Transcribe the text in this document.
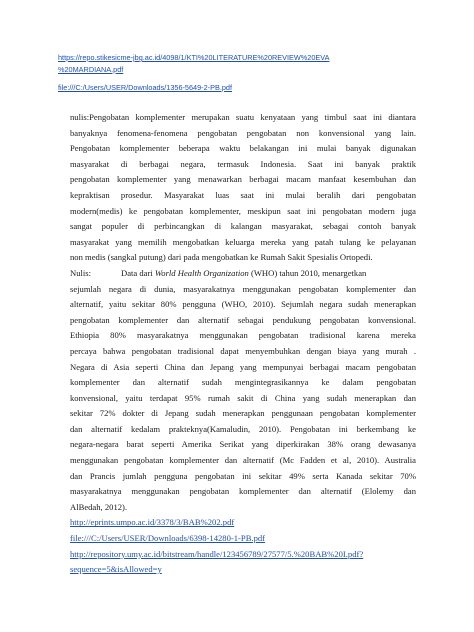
https://repo.stikesicme-jbg.ac.id/4098/1/KTI%20LITERATURE%20REVIEW%20EVA
%20MARDIANA.pdf
file:///C:/Users/USER/Downloads/1356-5649-2-PB.pdf

nulis:Pengobatan komplementer merupakan suatu kenyataan yang timbul saat ini diantara
banyaknya fenomena-fenomena pengobatan pengobatan non konvensional yang lain.
Pengobatan komplementer beberapa waktu belakangan ini mulai banyak digunakan
masyarakat di berbagai negara, termasuk Indonesia. Saat ini banyak praktik
pengobatan komplementer yang menawarkan berbagai macam manfaat kesembuhan dan
kepraktisan prosedur. Masyarakat luas saat ini mulai beralih dari pengobatan
modern(medis) ke pengobatan komplementer, meskipun saat ini pengobatan modern juga
sangat populer di perbincangkan di kalangan masyarakat, sebagai contoh banyak
masyarakat yang memilih mengobatkan keluarga mereka yang patah tulang ke pelayanan
non medis (sangkal putung) dari pada mengobatkan ke Rumah Sakit Spesialis Ortopedi.

Nulis:	Data dari World Health Organization (WHO) tahun 2010, menargetkan
sejumlah negara di dunia, masyarakatnya menggunakan pengobatan komplementer dan
alternatif, yaitu sekitar 80% pengguna (WHO, 2010). Sejumlah negara sudah menerapkan
pengobatan komplementer dan alternatif sebagai pendukung pengobatan konvensional.
Ethiopia 80% masyarakatnya menggunakan pengobatan tradisional karena mereka
percaya bahwa pengobatan tradisional dapat menyembuhkan dengan biaya yang murah .
Negara di Asia seperti China dan Jepang yang mempunyai berbagai macam pengobatan
komplementer dan alternatif sudah mengintegrasikannya ke dalam pengobatan
konvensional, yaitu terdapat 95% rumah sakit di China yang sudah menerapkan dan
sekitar 72% dokter di Jepang sudah menerapkan penggunaan pengobatan komplementer
dan alternatif kedalam prakteknya(Kamaludin, 2010). Pengobatan ini berkembang ke
negara-negara barat seperti Amerika Serikat yang diperkirakan 38% orang dewasanya
menggunakan pengobatan komplementer dan alternatif (Mc Fadden et al, 2010). Australia
dan Prancis jumlah pengguna pengobatan ini sekitar 49% serta Kanada sekitar 70%
masyarakatnya menggunakan pengobatan komplementer dan alternatif (Elolemy dan
AlBedah, 2012).

http://eprints.umpo.ac.id/3378/3/BAB%202.pdf
file:///C:/Users/USER/Downloads/6398-14280-1-PB.pdf
http://repository.umy.ac.id/bitstream/handle/123456789/27577/5.%20BAB%20I.pdf?
sequence=5&isAllowed=y
